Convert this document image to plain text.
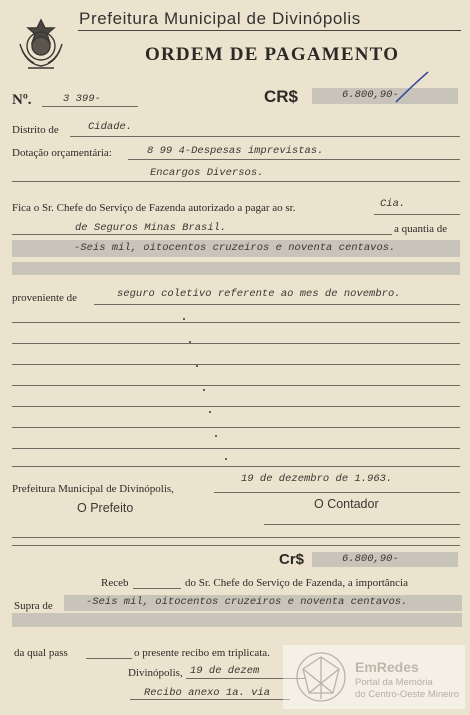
Prefeitura Municipal de Divinópolis
ORDEM DE PAGAMENTO
Nº.	3 399-	CR$	6.800,90-
Distrito de	Cidade.
Dotação orçamentária:	8 99 4-Despesas imprevistas.
Encargos Diversos.
Fica o Sr. Chefe do Serviço de Fazenda autorizado a pagar ao sr.	Cia.
de Seguros Minas Brasil.	a quantia de
-Seis mil, oitocentos cruzeiros e noventa centavos.
proveniente de	seguro coletivo referente ao mes de novembro.
Prefeitura Municipal de Divinópolis,
19 de dezembro de 1.963.
O Prefeito	O Contador
Cr$	6.800,90-
Receb	do Sr. Chefe do Serviço de Fazenda, a importância
Supra de	-Seis mil, oitocentos cruzeiros e noventa centavos.
da qual pass	o presente recibo em triplicata.
Divinópolis, 19 de dezem
Recibo anexo 1a. via
EmRedes
Portal da Memória
do Centro-Oeste Mineiro
